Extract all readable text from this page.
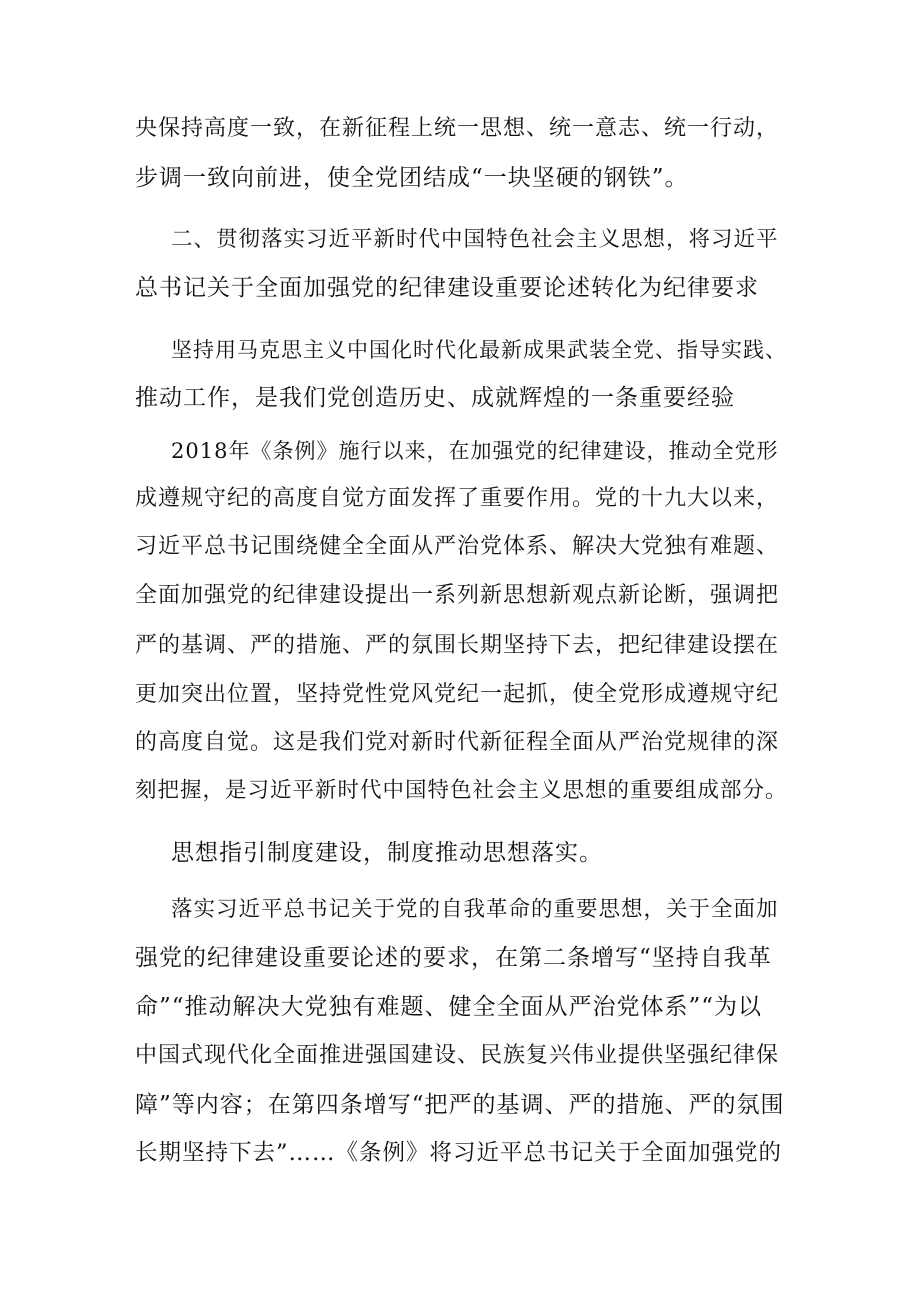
央保持高度一致，在新征程上统一思想、统一意志、统一行动，
步调一致向前进，使全党团结成“一块坚硬的钢铁”。
二、贯彻落实习近平新时代中国特色社会主义思想，将习近平
总书记关于全面加强党的纪律建设重要论述转化为纪律要求
坚持用马克思主义中国化时代化最新成果武装全党、指导实践、
推动工作，是我们党创造历史、成就辉煌的一条重要经验
2018年《条例》施行以来，在加强党的纪律建设，推动全党形
成遵规守纪的高度自觉方面发挥了重要作用。党的十九大以来，
习近平总书记围绕健全全面从严治党体系、解决大党独有难题、
全面加强党的纪律建设提出一系列新思想新观点新论断，强调把
严的基调、严的措施、严的氛围长期坚持下去，把纪律建设摆在
更加突出位置，坚持党性党风党纪一起抓，使全党形成遵规守纪
的高度自觉。这是我们党对新时代新征程全面从严治党规律的深
刻把握，是习近平新时代中国特色社会主义思想的重要组成部分。
思想指引制度建设，制度推动思想落实。
落实习近平总书记关于党的自我革命的重要思想，关于全面加
强党的纪律建设重要论述的要求，在第二条增写“坚持自我革
命”“推动解决大党独有难题、健全全面从严治党体系”“为以
中国式现代化全面推进强国建设、民族复兴伟业提供坚强纪律保
障”等内容；在第四条增写“把严的基调、严的措施、严的氛围
长期坚持下去”……《条例》将习近平总书记关于全面加强党的
